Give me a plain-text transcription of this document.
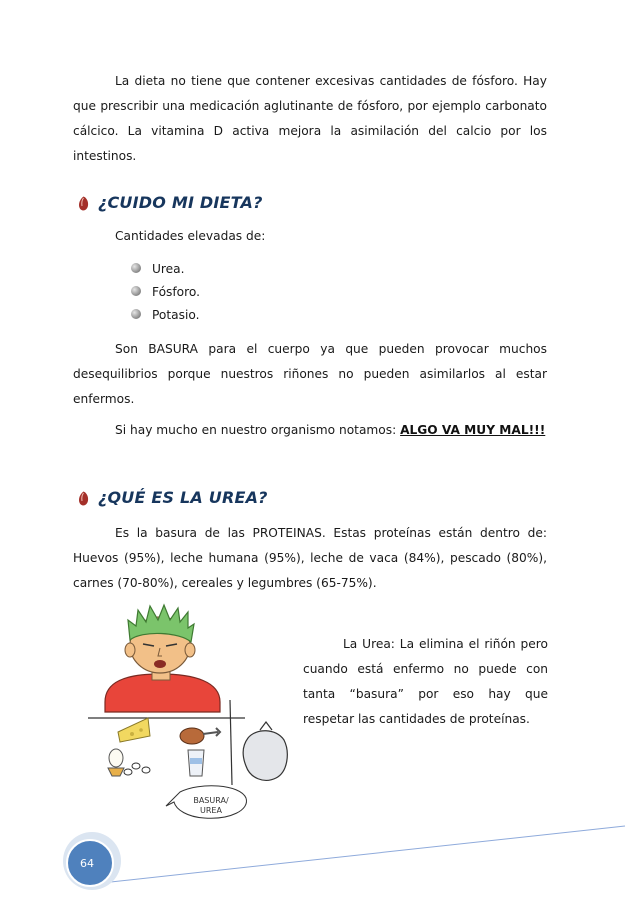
La dieta no tiene que contener excesivas cantidades de fósforo. Hay que prescribir una medicación aglutinante de fósforo, por ejemplo carbonato cálcico. La vitamina D activa mejora la asimilación del calcio por los intestinos.

¿CUIDO MI DIETA?

Cantidades elevadas de:

Urea.
Fósforo.
Potasio.

Son BASURA para el cuerpo ya que pueden provocar muchos desequilibrios porque nuestros riñones no pueden asimilarlos al estar enfermos.

Si hay mucho en nuestro organismo notamos: ALGO VA MUY MAL!!!

¿QUÉ ES LA UREA?

Es la basura de las PROTEINAS. Estas proteínas están dentro de: Huevos (95%), leche humana (95%), leche de vaca (84%), pescado (80%), carnes (70-80%), cereales y legumbres (65-75%).

BASURA/
UREA

La Urea: La elimina el riñón pero cuando está enfermo no puede con tanta “basura” por eso hay que respetar las cantidades de proteínas.

64
